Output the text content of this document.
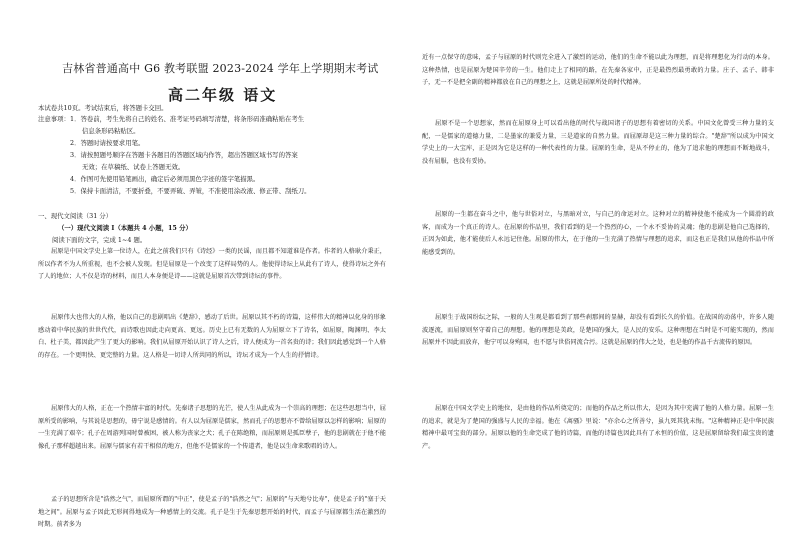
吉林省普通高中 G6 教考联盟 2023-2024 学年上学期期末考试
高二年级 语文
本试卷共10页。考试结束后，将答题卡交回。
注意事项： 1．答卷前，考生先将自己的姓名、准考证号码填写清楚，将条形码准确粘贴在考生
信息条形码粘贴区。
2．答题时请按要求用笔。
3．请按照题号顺序在答题卡各题目的答题区域内作答，超出答题区域书写的答案
无效；在草稿纸、试卷上答题无效。
4．作图可先使用铅笔画出，确定后必须用黑色字迹的签字笔描黑。
5．保持卡面清洁，不要折叠，不要弄破、弄皱，不准使用涂改液、修正带、刮纸刀。
一、现代文阅读（31 分）
（一）现代文阅读 I（本题共 4 小题，15 分）
阅读下面的文字，完成 1~4 题。

屈原是中国文学史上第一位诗人，在此之前我们只有《诗经》一类的民谣，而且都不知道谁是作者。作者的人格耿介秉正，所以作者不为人所重视，也不会被人发现。但是屈原是一个改变了这样局势的人。他使得诗坛上从此有了诗人，使得诗坛之外有了人的地位；人不仅是诗的材料，而且人本身便是诗——这就是屈原首次带到诗坛的事件。

屈原伟大也伟大的人格，他以自己的悲剧唱出《楚辞》，感动了后世。屈原以其不朽的诗篇，这样伟大的精神以化身的形象感动着中华民族的世世代代，而诗歌也因此走向更高、更远。历史上已有无数的人为屈原立下了诗名，如屈原，陶渊明、李太白、杜子美，都因此产生了更大的影响。我们从屈原开始认识了诗人之后，诗人便成为一首名贵的诗；我们因此感觉到一个人格的存在。一个更明快、更完整的力量。这人格是一切诗人所共同的所以，诗坛才成为一个人生的抒情诗。

屈原伟大的人格，正在一个热情丰富的时代。先秦诸子思想的光芒，使人生从此成为一个崇高的理想；在这些思想当中，屈原所受的影响，与其说是思想的，毋宁说是感情的。有人以为屈原是儒家，然而孔子的思想亦不曾给屈原以怎样的影响；屈原的一生充满了艰辛；孔子在周游列国时曾被困，被人称为丧家之犬；孔子在陈绝粮，而屈原则是孤臣孽子，他的悲剧就在于他不能像孔子那样超越出来。屈原与儒家有若干相似的地方，但他不是儒家的一个传道者，他是以生命来歌唱的诗人。

孟子的思想所含是"浩然之气"，而屈原所谓的"中正"，使是孟子的"浩然之气"；屈原的"与天地兮比寿"，使是孟子的"塞于天地之间"。屈原与孟子因此无形间得地成为一种感情上的交流。孔子是生于先秦思想开始的时代，而孟子与屈原都生活在激烈的时期。前者多为

近有一点保守的意味，孟子与屈原的时代则完全进入了激烈的运动，他们的生命不能以此为理想，而是将理想化为行动的本身。这种热情，也是屈原为楚国辛劳的一生。他们走上了相同的路，在先秦各家中，正是最热烈最勇敢的力量。庄子、孟子、韩非子，无一不是把全副的精神都放在自己的理想之上，这就是屈原所处的时代精神。

屈原不是一个思想家，然而在屈原身上可以看出他的时代与战国诸子的思想有着密切的关系。中国文化曾受三种力量的支配，一是儒家的道德力量，二是墨家的兼爱力量，三是道家的自然力量。而屈原却是这三种力量的综合。"楚辞"所以成为中国文学史上的一大宝库，正是因为它是这样的一种代表性的力量。屈原的生命，是从不停止的，他为了追求他的理想而不断地战斗，没有屈服，也没有妥协。

屈原的一生都在奋斗之中，他与世俗对立，与黑暗对立，与自己的命运对立。这种对立的精神使他不能成为一个圆滑的政客，而成为一个真正的诗人。在屈原的作品里，我们看到的是一个热烈的心，一个永不妥协的灵魂；他的悲剧是他自己选择的，正因为如此，他才能使后人永远记住他。屈原的伟大，在于他的一生充满了热情与理想的追求，而这也正是我们从他的作品中所能感受到的。

屈原生于战国纷纭之际，一般的人生观是都看到了那些刹那间的显赫，却没有看到长久的价值。在战国的动荡中，许多人随波逐流，而屈原则坚守着自己的理想。他的理想是美政，是楚国的强大，是人民的安乐。这种理想在当时是不可能实现的，然而屈原并不因此而放弃，他宁可以身殉国，也不愿与世俗同流合污。这就是屈原的伟大之处，也是他的作品千古流传的原因。

屈原在中国文学史上的地位，是由他的作品所奠定的；而他的作品之所以伟大，是因为其中充满了他的人格力量。屈原一生的追求，就是为了楚国的强盛与人民的幸福。他在《离骚》里说："亦余心之所善兮，虽九死其犹未悔。"这种精神正是中华民族精神中最可宝贵的部分。屈原以他的生命完成了他的诗篇，而他的诗篇也因此具有了永恒的价值，这是屈原留给我们最宝贵的遗产。
